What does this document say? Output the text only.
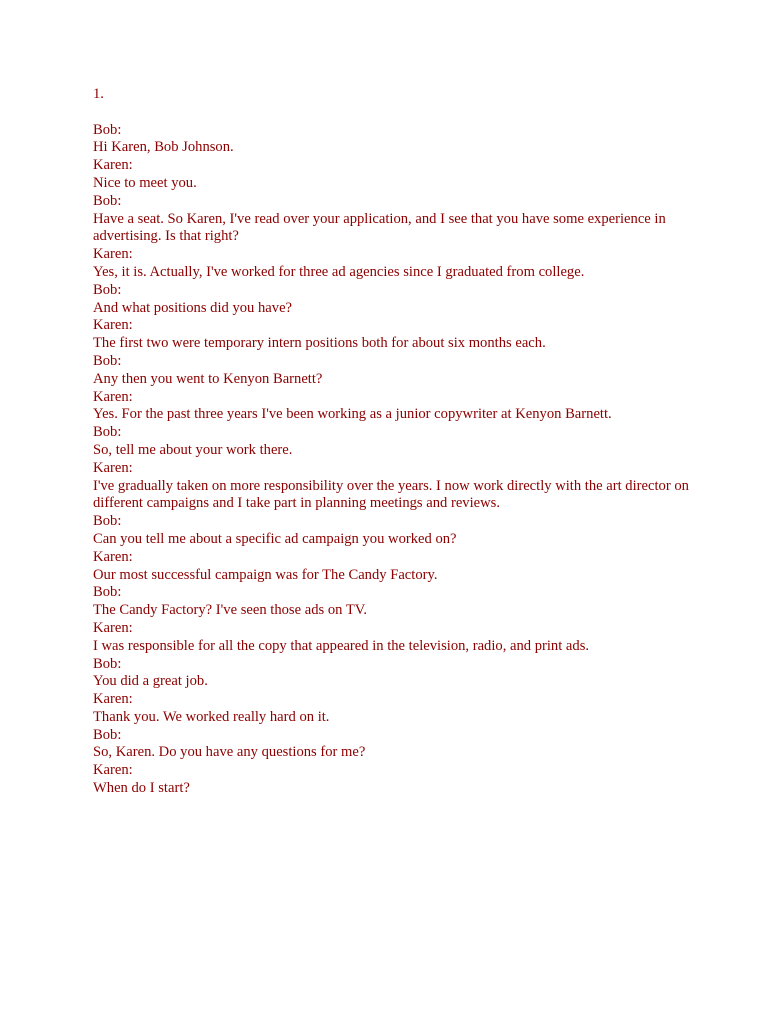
1.
Bob:
Hi Karen, Bob Johnson.
Karen:
Nice to meet you.
Bob:
Have a seat. So Karen, I've read over your application, and I see that you have some experience in advertising. Is that right?
Karen:
Yes, it is. Actually, I've worked for three ad agencies since I graduated from college.
Bob:
And what positions did you have?
Karen:
The first two were temporary intern positions both for about six months each.
Bob:
Any then you went to Kenyon Barnett?
Karen:
Yes. For the past three years I've been working as a junior copywriter at Kenyon Barnett.
Bob:
So, tell me about your work there.
Karen:
I've gradually taken on more responsibility over the years. I now work directly with the art director on different campaigns and I take part in planning meetings and reviews.
Bob:
Can you tell me about a specific ad campaign you worked on?
Karen:
Our most successful campaign was for The Candy Factory.
Bob:
The Candy Factory? I've seen those ads on TV.
Karen:
I was responsible for all the copy that appeared in the television, radio, and print ads.
Bob:
You did a great job.
Karen:
Thank you. We worked really hard on it.
Bob:
So, Karen. Do you have any questions for me?
Karen:
When do I start?
